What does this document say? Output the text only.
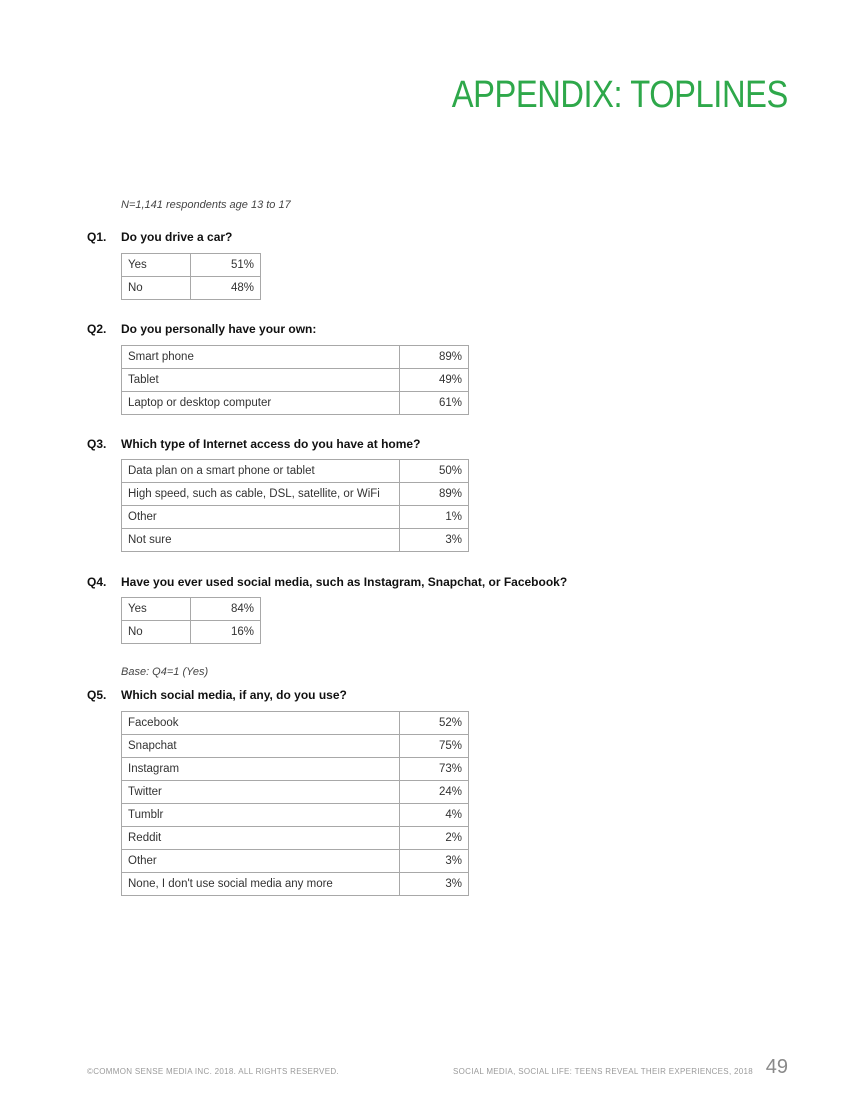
APPENDIX: TOPLINES
N=1,141 respondents age 13 to 17
Q1. Do you drive a car?
Yes	51%
No	48%
Q2. Do you personally have your own:
Smart phone	89%
Tablet	49%
Laptop or desktop computer	61%
Q3. Which type of Internet access do you have at home?
Data plan on a smart phone or tablet	50%
High speed, such as cable, DSL, satellite, or WiFi	89%
Other	1%
Not sure	3%
Q4. Have you ever used social media, such as Instagram, Snapchat, or Facebook?
Yes	84%
No	16%
Base: Q4=1 (Yes)
Q5. Which social media, if any, do you use?
Facebook	52%
Snapchat	75%
Instagram	73%
Twitter	24%
Tumblr	4%
Reddit	2%
Other	3%
None, I don't use social media any more	3%
©COMMON SENSE MEDIA INC. 2018. ALL RIGHTS RESERVED.	SOCIAL MEDIA, SOCIAL LIFE: TEENS REVEAL THEIR EXPERIENCES, 2018 49
